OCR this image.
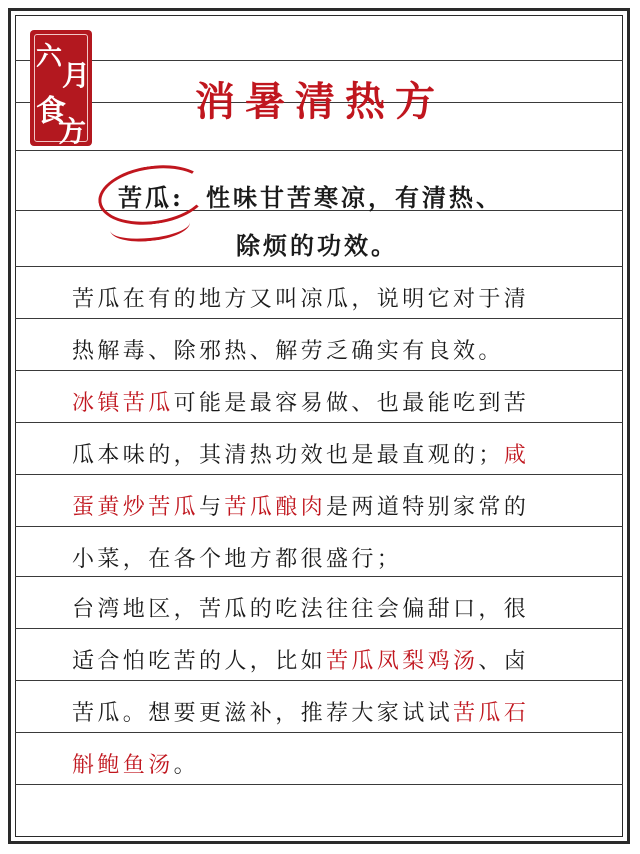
六
月
食
方
消暑清热方
苦瓜: 性味甘苦寒凉，有清热、
除烦的功效。
苦瓜在有的地方又叫凉瓜，说明它对于清
热解毒、除邪热、解劳乏确实有良效。
冰镇苦瓜可能是最容易做、也最能吃到苦
瓜本味的，其清热功效也是最直观的；咸
蛋黄炒苦瓜与苦瓜酿肉是两道特别家常的
小菜，在各个地方都很盛行；
台湾地区，苦瓜的吃法往往会偏甜口，很
适合怕吃苦的人，比如苦瓜凤梨鸡汤、卤
苦瓜。想要更滋补，推荐大家试试苦瓜石
斛鲍鱼汤。
